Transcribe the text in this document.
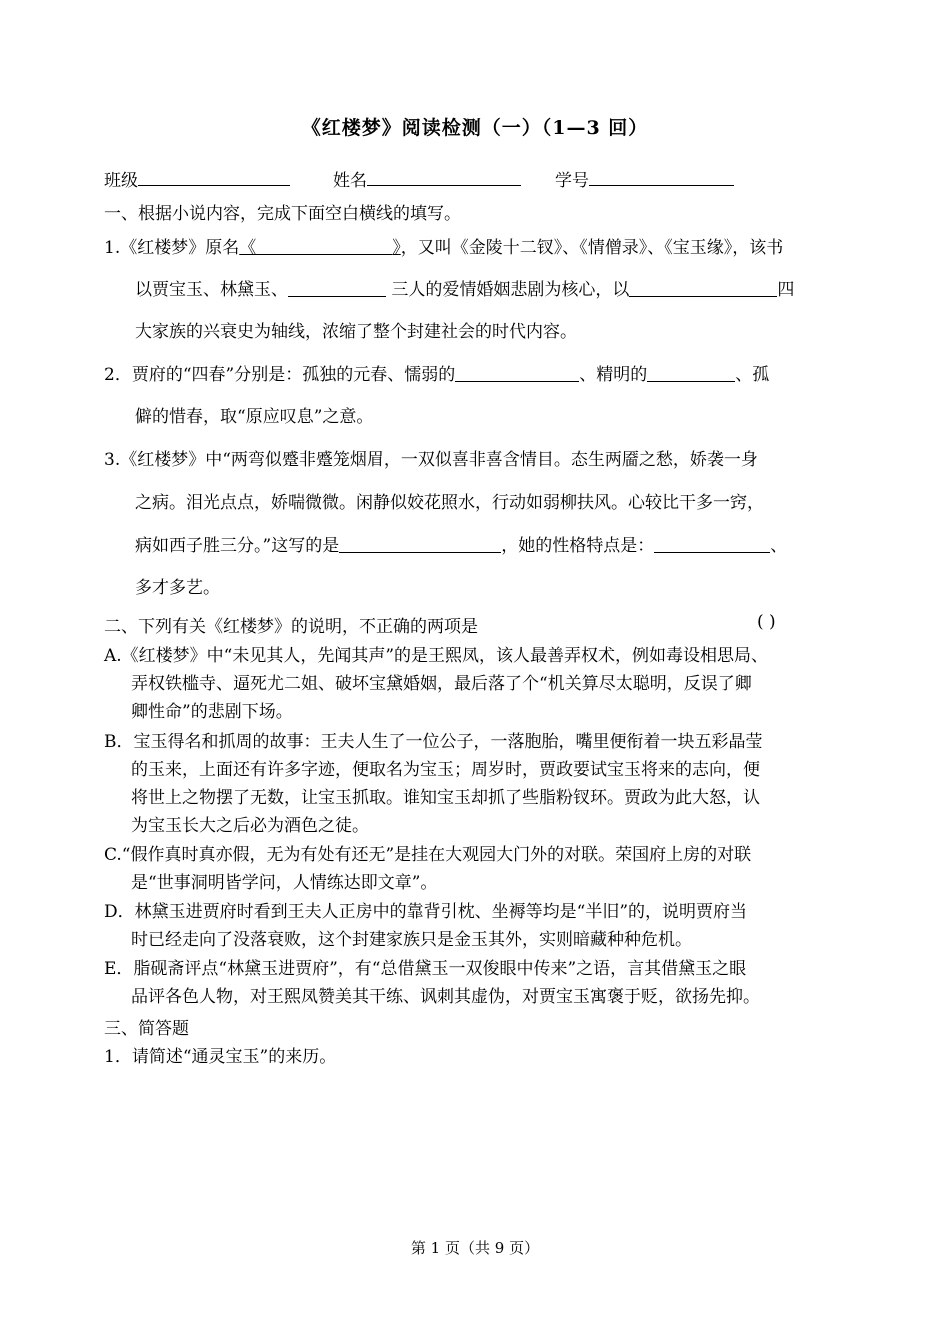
《红楼梦》阅读检测（一）（1—3 回）
班级	姓名	学号
一、根据小说内容，完成下面空白横线的填写。
1.《红楼梦》原名《	》，又叫《金陵十二钗》、《情僧录》、《宝玉缘》，该书
以贾宝玉、林黛玉、	三人的爱情婚姻悲剧为核心，以	四
大家族的兴衰史为轴线，浓缩了整个封建社会的时代内容。
2．贾府的“四春”分别是：孤独的元春、懦弱的	、精明的	、孤
僻的惜春，取“原应叹息”之意。
3.《红楼梦》中“两弯似蹙非蹙笼烟眉，一双似喜非喜含情目。态生两靥之愁，娇袭一身
之病。泪光点点，娇喘微微。闲静似姣花照水，行动如弱柳扶风。心较比干多一窍，
病如西子胜三分。”这写的是	，她的性格特点是：	、
多才多艺。
二、下列有关《红楼梦》的说明，不正确的两项是	( )
A.《红楼梦》中“未见其人，先闻其声”的是王熙凤，该人最善弄权术，例如毒设相思局、
弄权铁槛寺、逼死尤二姐、破坏宝黛婚姻，最后落了个“机关算尽太聪明，反误了卿
卿性命”的悲剧下场。
B．宝玉得名和抓周的故事：王夫人生了一位公子，一落胞胎，嘴里便衔着一块五彩晶莹
的玉来，上面还有许多字迹，便取名为宝玉；周岁时，贾政要试宝玉将来的志向，便
将世上之物摆了无数，让宝玉抓取。谁知宝玉却抓了些脂粉钗环。贾政为此大怒，认
为宝玉长大之后必为酒色之徒。
C.“假作真时真亦假，无为有处有还无”是挂在大观园大门外的对联。荣国府上房的对联
是“世事洞明皆学问，人情练达即文章”。
D．林黛玉进贾府时看到王夫人正房中的靠背引枕、坐褥等均是“半旧”的，说明贾府当
时已经走向了没落衰败，这个封建家族只是金玉其外，实则暗藏种种危机。
E．脂砚斋评点“林黛玉进贾府”，有“总借黛玉一双俊眼中传来”之语，言其借黛玉之眼
品评各色人物，对王熙凤赞美其干练、讽刺其虚伪，对贾宝玉寓褒于贬，欲扬先抑。
三、简答题
1．请简述“通灵宝玉”的来历。
第 1 页（共 9 页）
